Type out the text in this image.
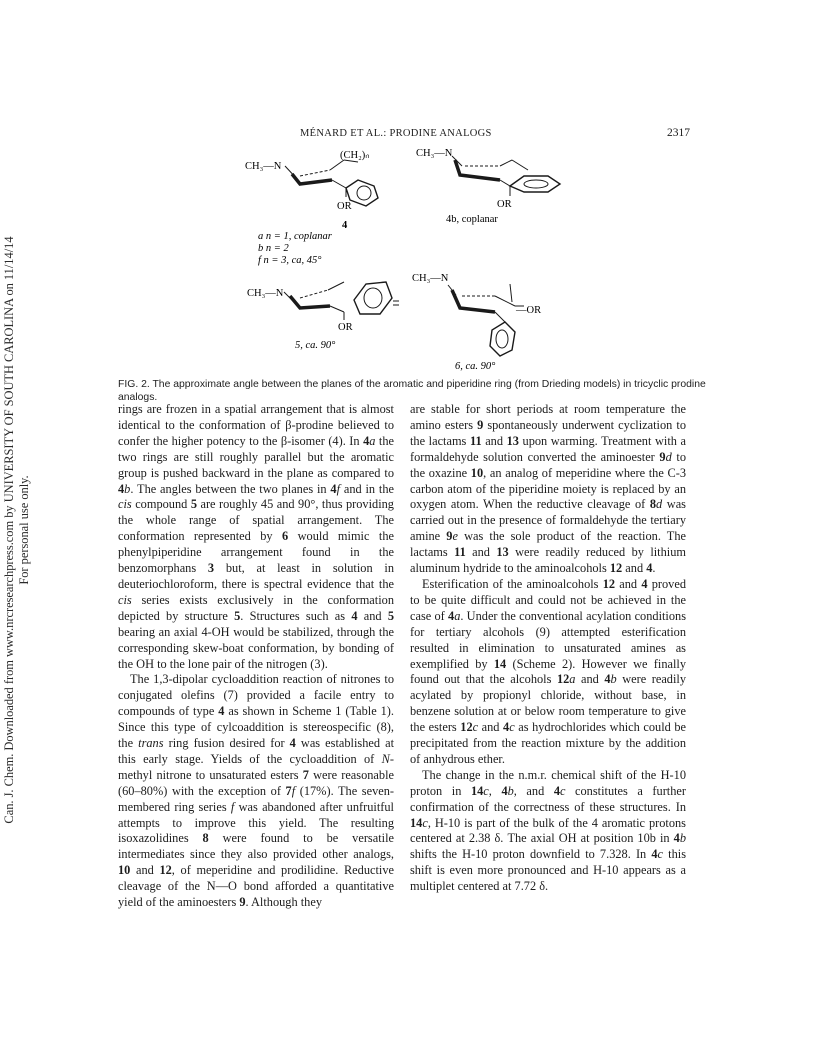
Can. J. Chem. Downloaded from www.nrcresearchpress.com by UNIVERSITY OF SOUTH CAROLINA on 11/14/14 For personal use only.
MÉNARD ET AL.: PRODINE ANALOGS	2317
CH₃—N
(CH₂)ₙ
OR
4
a n = 1, coplanar
b n = 2
f n = 3, ca, 45°
CH₃—N
OR
4b, coplanar
CH₃—N
OR
5, ca. 90°
CH₃—N
—OR
6, ca. 90°
FIG. 2. The approximate angle between the planes of the aromatic and piperidine ring (from Drieding models) in tricyclic prodine analogs.

rings are frozen in a spatial arrangement that is almost identical to the conformation of β-prodine believed to confer the higher potency to the β-isomer (4). In 4a the two rings are still roughly parallel but the aromatic group is pushed backward in the plane as compared to 4b. The angles between the two planes in 4f and in the cis compound 5 are roughly 45 and 90°, thus providing the whole range of spatial arrangement. The conformation represented by 6 would mimic the phenylpiperidine arrangement found in the benzomorphans 3 but, at least in solution in deuteriochloroform, there is spectral evidence that the cis series exists exclusively in the conformation depicted by structure 5. Structures such as 4 and 5 bearing an axial 4-OH would be stabilized, through the corresponding skew-boat conformation, by bonding of the OH to the lone pair of the nitrogen (3).

The 1,3-dipolar cycloaddition reaction of nitrones to conjugated olefins (7) provided a facile entry to compounds of type 4 as shown in Scheme 1 (Table 1). Since this type of cylcoaddition is stereospecific (8), the trans ring fusion desired for 4 was established at this early stage. Yields of the cycloaddition of N-methyl nitrone to unsaturated esters 7 were reasonable (60–80%) with the exception of 7f (17%). The seven-membered ring series f was abandoned after unfruitful attempts to improve this yield. The resulting isoxazolidines 8 were found to be versatile intermediates since they also provided other analogs, 10 and 12, of meperidine and prodilidine. Reductive cleavage of the N—O bond afforded a quantitative yield of the aminoesters 9. Although they

are stable for short periods at room temperature the amino esters 9 spontaneously underwent cyclization to the lactams 11 and 13 upon warming. Treatment with a formaldehyde solution converted the aminoester 9d to the oxazine 10, an analog of meperidine where the C-3 carbon atom of the piperidine moiety is replaced by an oxygen atom. When the reductive cleavage of 8d was carried out in the presence of formaldehyde the tertiary amine 9e was the sole product of the reaction. The lactams 11 and 13 were readily reduced by lithium aluminum hydride to the aminoalcohols 12 and 4.

Esterification of the aminoalcohols 12 and 4 proved to be quite difficult and could not be achieved in the case of 4a. Under the conventional acylation conditions for tertiary alcohols (9) attempted esterification resulted in elimination to unsaturated amines as exemplified by 14 (Scheme 2). However we finally found out that the alcohols 12a and 4b were readily acylated by propionyl chloride, without base, in benzene solution at or below room temperature to give the esters 12c and 4c as hydrochlorides which could be precipitated from the reaction mixture by the addition of anhydrous ether.

The change in the n.m.r. chemical shift of the H-10 proton in 14c, 4b, and 4c constitutes a further confirmation of the correctness of these structures. In 14c, H-10 is part of the bulk of the 4 aromatic protons centered at 2.38 δ. The axial OH at position 10b in 4b shifts the H-10 proton downfield to 7.328. In 4c this shift is even more pronounced and H-10 appears as a multiplet centered at 7.72 δ.
